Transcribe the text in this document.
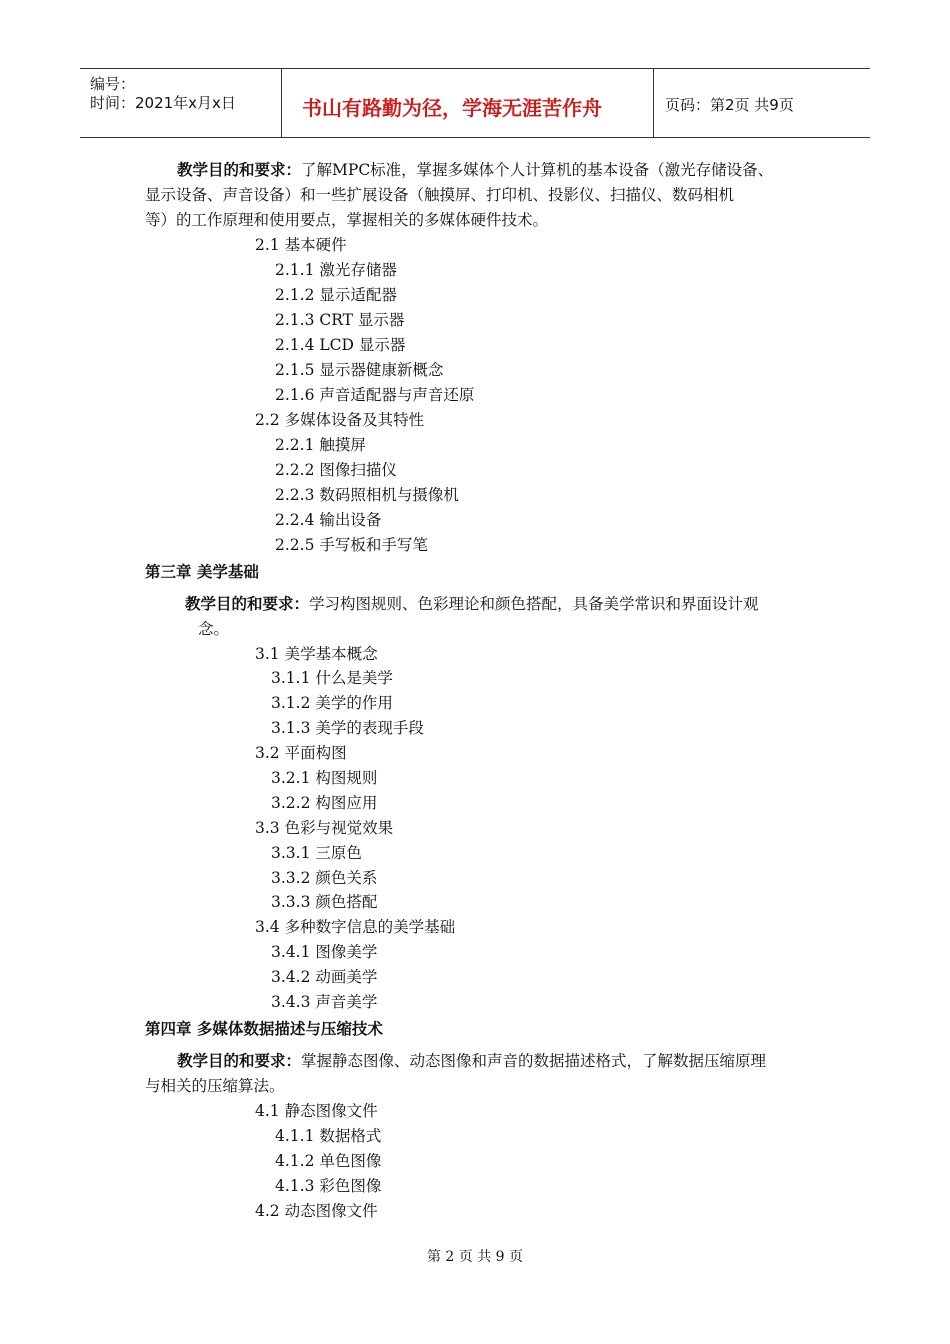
编号：
时间：2021年x月x日	书山有路勤为径，学海无涯苦作舟	页码：第2页 共9页
教学目的和要求：了解MPC标准，掌握多媒体个人计算机的基本设备（激光存储设备、
显示设备、声音设备）和一些扩展设备（触摸屏、打印机、投影仪、扫描仪、数码相机
等）的工作原理和使用要点，掌握相关的多媒体硬件技术。
2.1 基本硬件
2.1.1 激光存储器
2.1.2 显示适配器
2.1.3 CRT 显示器
2.1.4 LCD 显示器
2.1.5 显示器健康新概念
2.1.6 声音适配器与声音还原
2.2 多媒体设备及其特性
2.2.1 触摸屏
2.2.2 图像扫描仪
2.2.3 数码照相机与摄像机
2.2.4 输出设备
2.2.5 手写板和手写笔
第三章 美学基础
教学目的和要求：学习构图规则、色彩理论和颜色搭配，具备美学常识和界面设计观
念。
3.1 美学基本概念
3.1.1 什么是美学
3.1.2 美学的作用
3.1.3 美学的表现手段
3.2 平面构图
3.2.1 构图规则
3.2.2 构图应用
3.3 色彩与视觉效果
3.3.1 三原色
3.3.2 颜色关系
3.3.3 颜色搭配
3.4 多种数字信息的美学基础
3.4.1 图像美学
3.4.2 动画美学
3.4.3 声音美学
第四章 多媒体数据描述与压缩技术
教学目的和要求：掌握静态图像、动态图像和声音的数据描述格式，了解数据压缩原理
与相关的压缩算法。
4.1 静态图像文件
4.1.1 数据格式
4.1.2 单色图像
4.1.3 彩色图像
4.2 动态图像文件
第 2 页 共 9 页
